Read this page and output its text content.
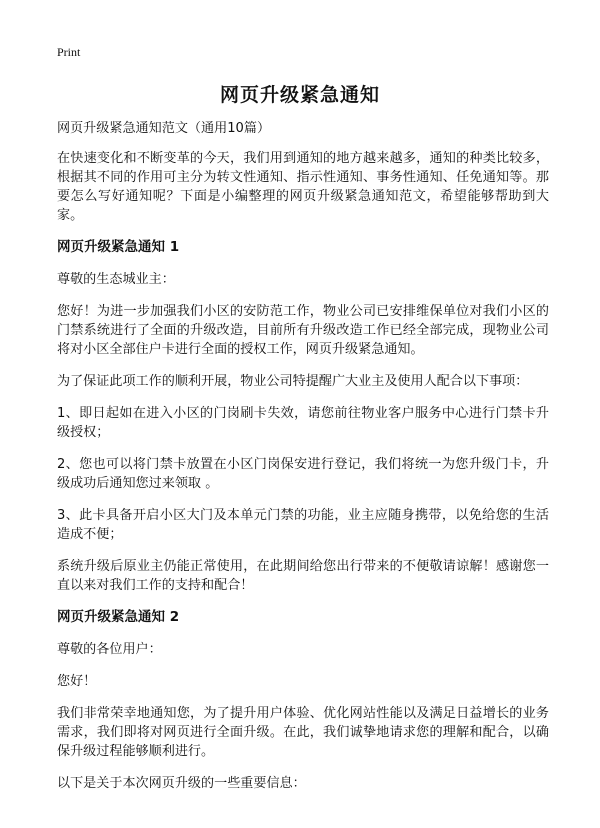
Print
网页升级紧急通知

网页升级紧急通知范文（通用10篇）

在快速变化和不断变革的今天，我们用到通知的地方越来越多，通知的种类比较多，根据其不同的作用可主分为转文性通知、指示性通知、事务性通知、任免通知等。那要怎么写好通知呢？下面是小编整理的网页升级紧急通知范文，希望能够帮助到大家。

网页升级紧急通知 1

尊敬的生态城业主：

您好！为进一步加强我们小区的安防范工作，物业公司已安排维保单位对我们小区的门禁系统进行了全面的升级改造，目前所有升级改造工作已经全部完成，现物业公司将对小区全部住户卡进行全面的授权工作，网页升级紧急通知。

为了保证此项工作的顺利开展，物业公司特提醒广大业主及使用人配合以下事项：

1、即日起如在进入小区的门岗刷卡失效，请您前往物业客户服务中心进行门禁卡升级授权；

2、您也可以将门禁卡放置在小区门岗保安进行登记，我们将统一为您升级门卡，升级成功后通知您过来领取 。

3、此卡具备开启小区大门及本单元门禁的功能，业主应随身携带，以免给您的生活造成不便；

系统升级后原业主仍能正常使用，在此期间给您出行带来的不便敬请谅解！感谢您一直以来对我们工作的支持和配合！

网页升级紧急通知 2

尊敬的各位用户：

您好！

我们非常荣幸地通知您，为了提升用户体验、优化网站性能以及满足日益增长的业务需求，我们即将对网页进行全面升级。在此，我们诚挚地请求您的理解和配合，以确保升级过程能够顺利进行。

以下是关于本次网页升级的一些重要信息：
